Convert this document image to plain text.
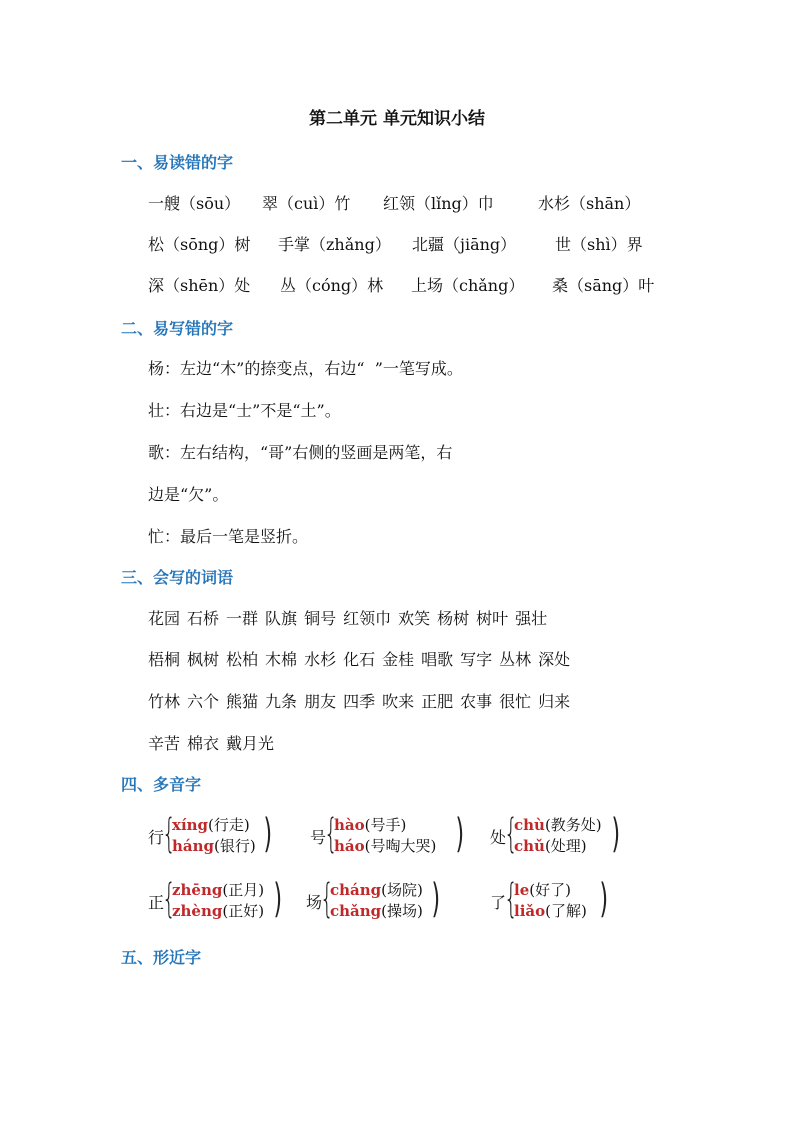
第二单元 单元知识小结
一、易读错的字
一艘（sōu） 翠（cuì）竹 红领（lǐng）巾	水杉（shān）
松（sōng）树 手掌（zhǎng） 北疆（jiāng） 世（shì）界
深（shēn）处 丛（cóng）林 上场（chǎng） 桑（sāng）叶
二、易写错的字
杨：左边“木”的捺变点，右边“  ”一笔写成。
壮：右边是“士”不是“土”。
歌：左右结构，“哥”右侧的竖画是两笔，右
边是“欠”。
忙：最后一笔是竖折。
三、会写的词语
花园 石桥 一群 队旗 铜号 红领巾 欢笑 杨树 树叶 强壮
梧桐 枫树 松柏 木棉 水杉 化石 金桂 唱歌 写字 丛林 深处
竹林 六个 熊猫 九条 朋友 四季 吹来 正肥 农事 很忙 归来
辛苦 棉衣 戴月光
四、多音字
行
{
xíng(行走)
háng(银行) ) 号
{
hào(号手)
háo(号啕大哭) ) 处
{
chù(教务处)
chǔ(处理) )
正
{
zhēng(正月)
zhèng(正好) ) 场
{
cháng(场院)
chǎng(操场) )	了
{
le(好了)
liǎo(了解) )
五、形近字
